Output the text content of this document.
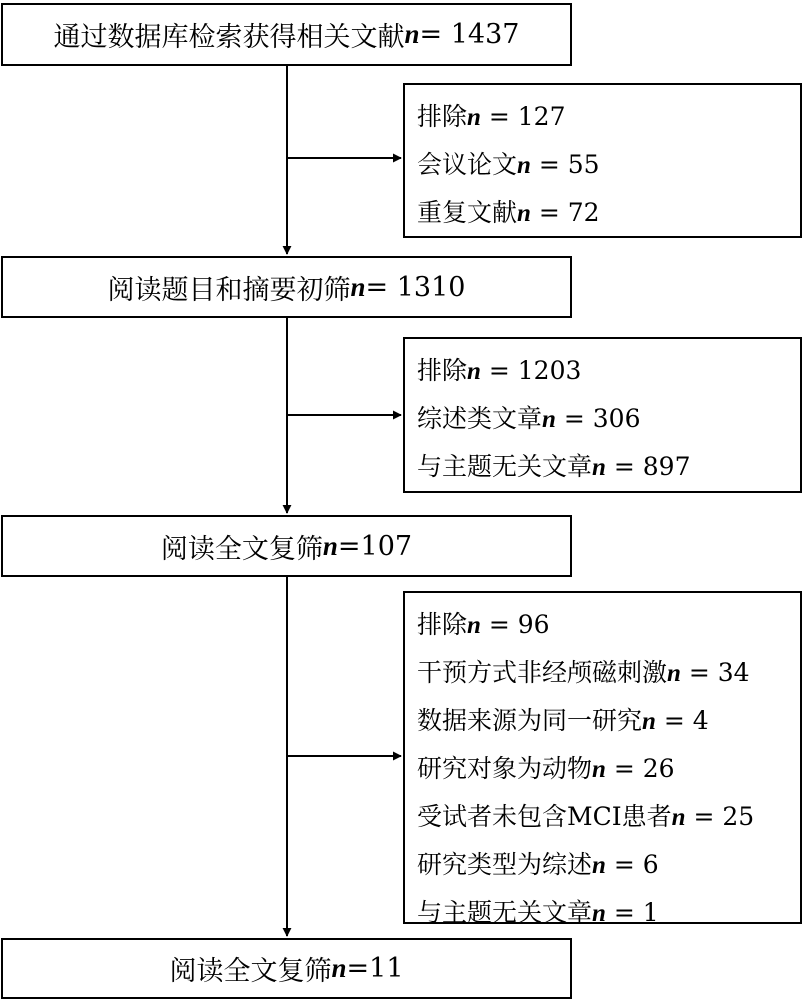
通过数据库检索获得相关文献 n = 1437
排除n = 127
会议论文n = 55
重复文献n = 72
阅读题目和摘要初筛 n = 1310
排除n = 1203
综述类文章n = 306
与主题无关文章n = 897
阅读全文复筛 n =107
排除n = 96
干预方式非经颅磁刺激n = 34
数据来源为同一研究n = 4
研究对象为动物n = 26
受试者未包含MCI患者n = 25
研究类型为综述n = 6
与主题无关文章n = 1
阅读全文复筛 n =11
